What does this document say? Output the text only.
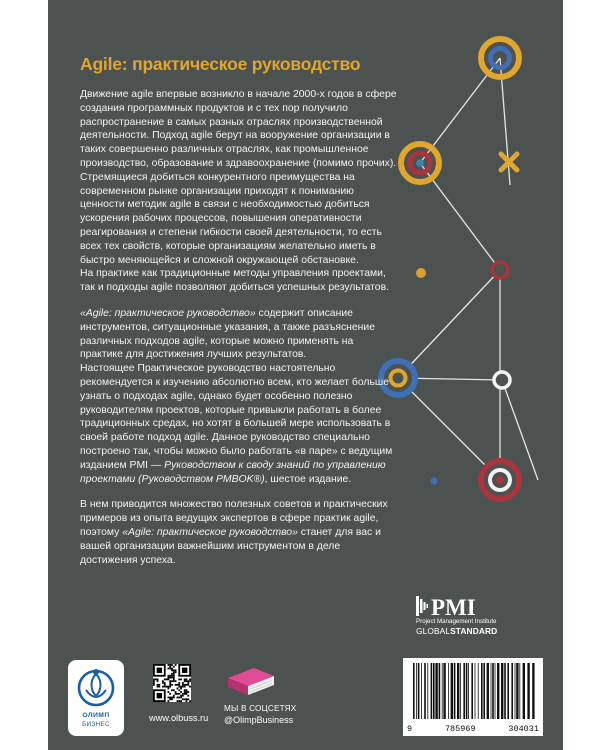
Agile: практическое руководство

Движение agile впервые возникло в начале 2000-х годов в сфере создания программных продуктов и с тех пор получило распространение в самых разных отраслях производственной деятельности. Подход agile берут на вооружение организации в таких совершенно различных отраслях, как промышленное производство, образование и здравоохранение (помимо прочих). Стремящиеся добиться конкурентного преимущества на современном рынке организации приходят к пониманию ценности методик agile в связи с необходимостью добиться ускорения рабочих процессов, повышения оперативности реагирования и степени гибкости своей деятельности, то есть всех тех свойств, которые организациям желательно иметь в быстро меняющейся и сложной окружающей обстановке.

На практике как традиционные методы управления проектами, так и подходы agile позволяют добиться успешных результатов.

«Agile: практическое руководство» содержит описание инструментов, ситуационные указания, а также разъяснение различных подходов agile, которые можно применять на практике для достижения лучших результатов.

Настоящее Практическое руководство настоятельно рекомендуется к изучению абсолютно всем, кто желает больше узнать о подходах agile, однако будет особенно полезно руководителям проектов, которые привыкли работать в более традиционных средах, но хотят в большей мере использовать в своей работе подход agile. Данное руководство специально построено так, чтобы можно было работать «в паре» с ведущим изданием PMI — Руководством к своду знаний по управлению проектами (Руководством PMBOK®), шестое издание.

В нем приводится множество полезных советов и практических примеров из опыта ведущих экспертов в сфере практик agile, поэтому «Agile: практическое руководство» станет для вас и вашей организации важнейшим инструментом в деле достижения успеха.

PMI
Project Management Institute
GLOBALSTANDARD
9	785969	304031
ОЛИМП
БИЗНЕС
www.olbuss.ru
МЫ В СОЦСЕТЯХ
@OlimpBusiness
